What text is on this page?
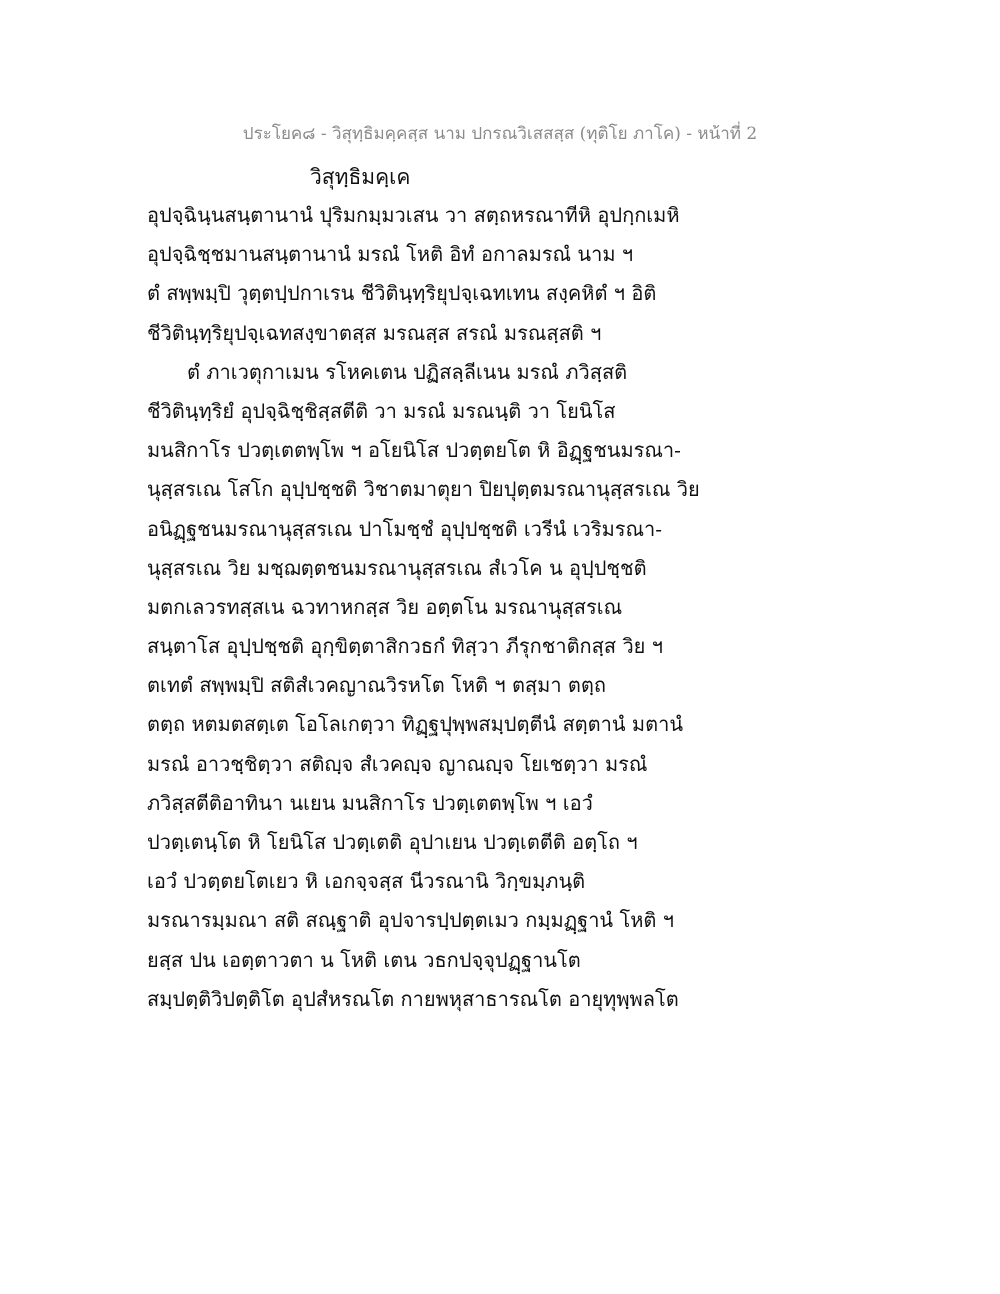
ประโยค๘ - วิสุทฺธิมคฺคสฺส นาม ปกรณวิเสสสฺส (ทุติโย ภาโค) - หน้าที่ 2
วิสุทฺธิมคฺเค
อุปจฺฉินฺนสนฺตานานํ ปุริมกมฺมวเสน วา สตฺถหรณาทีหิ อุปกฺกเมหิ
อุปจฺฉิชฺชมานสนฺตานานํ มรณํ โหติ อิทํ อกาลมรณํ นาม ฯ
ตํ สพฺพมฺปิ วุตฺตปฺปกาเรน ชีวิตินฺทฺริยุปจฺเฉทเทน สงฺคหิตํ ฯ อิติ
ชีวิตินฺทฺริยุปจฺเฉทสงฺขาตสฺส มรณสฺส สรณํ มรณสฺสติ ฯ
ตํ ภาเวตุกาเมน รโหคเตน ปฏิสลฺลีเนน มรณํ ภวิสฺสติ
ชีวิตินฺทฺริยํ อุปจฺฉิชฺชิสฺสตีติ วา มรณํ มรณนฺติ วา โยนิโส
มนสิกาโร ปวตฺเตตพฺโพ ฯ อโยนิโส ปวตฺตยโต หิ อิฏฺฐชนมรณา-
นุสฺสรเณ โสโก อุปฺปชฺชติ วิชาตมาตุยา ปิยปุตฺตมรณานุสฺสรเณ วิย
อนิฏฺฐชนมรณานุสฺสรเณ ปาโมชฺชํ อุปฺปชฺชติ เวรีนํ เวริมรณา-
นุสฺสรเณ วิย มชฺฌตฺตชนมรณานุสฺสรเณ สํเวโค น อุปฺปชฺชติ
มตกเลวรทสฺสเน ฉวทาหกสฺส วิย อตฺตโน มรณานุสฺสรเณ
สนฺตาโส อุปฺปชฺชติ อุกฺขิตฺตาสิกวธกํ ทิสฺวา ภีรุกชาติกสฺส วิย ฯ
ตเทตํ สพฺพมฺปิ สติสํเวคญาณวิรหโต โหติ ฯ ตสฺมา ตตฺถ
ตตฺถ หตมตสตฺเต โอโลเกตฺวา ทิฏฺฐปุพฺพสมฺปตฺตีนํ สตฺตานํ มตานํ
มรณํ อาวชฺชิตฺวา สติญฺจ สํเวคญฺจ ญาณญฺจ โยเชตฺวา มรณํ
ภวิสฺสตีติอาทินา นเยน มนสิกาโร ปวตฺเตตพฺโพ ฯ เอวํ
ปวตฺเตนฺโต หิ โยนิโส ปวตฺเตติ อุปาเยน ปวตฺเตตีติ อตฺโถ ฯ
เอวํ ปวตฺตยโตเยว หิ เอกจฺจสฺส นีวรณานิ วิกฺขมฺภนฺติ
มรณารมฺมณา สติ สณฺฐาติ อุปจารปฺปตฺตเมว กมฺมฏฺฐานํ โหติ ฯ
ยสฺส ปน เอตฺตาวตา น โหติ เตน วธกปจฺจุปฏฺฐานโต
สมฺปตฺติวิปตฺติโต อุปสํหรณโต กายพหุสาธารณโต อายุทุพฺพลโต
